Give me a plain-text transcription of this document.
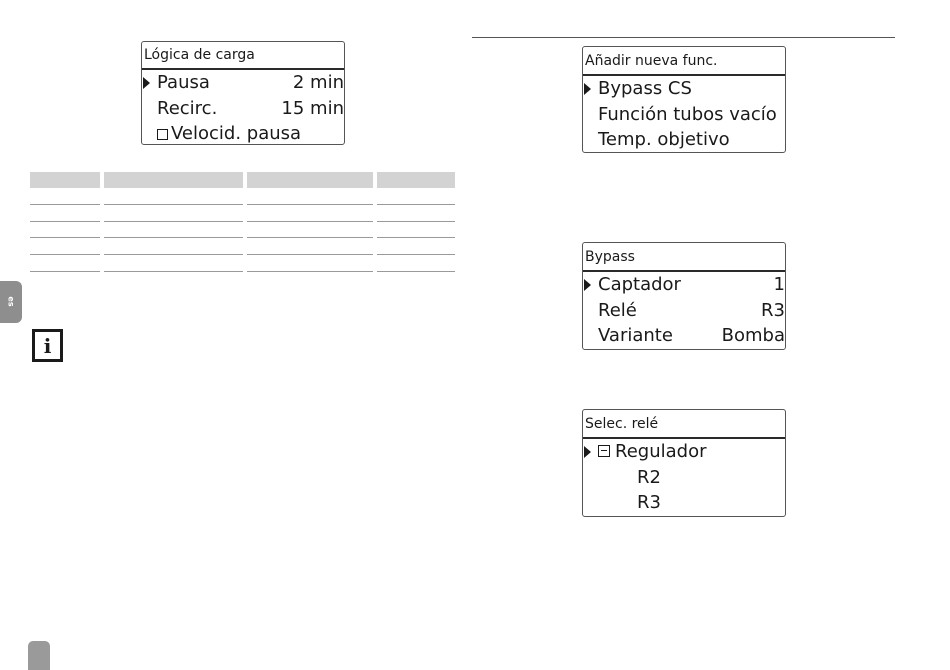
es
Lógica de carga
Pausa	2 min
Recirc.	15 min
Velocid. pausa
i
Añadir nueva func.
Bypass CS
Función tubos vacío
Temp. objetivo
Bypass
Captador	1
Relé	R3
Variante	Bomba
Selec. relé
Regulador
R2
R3
